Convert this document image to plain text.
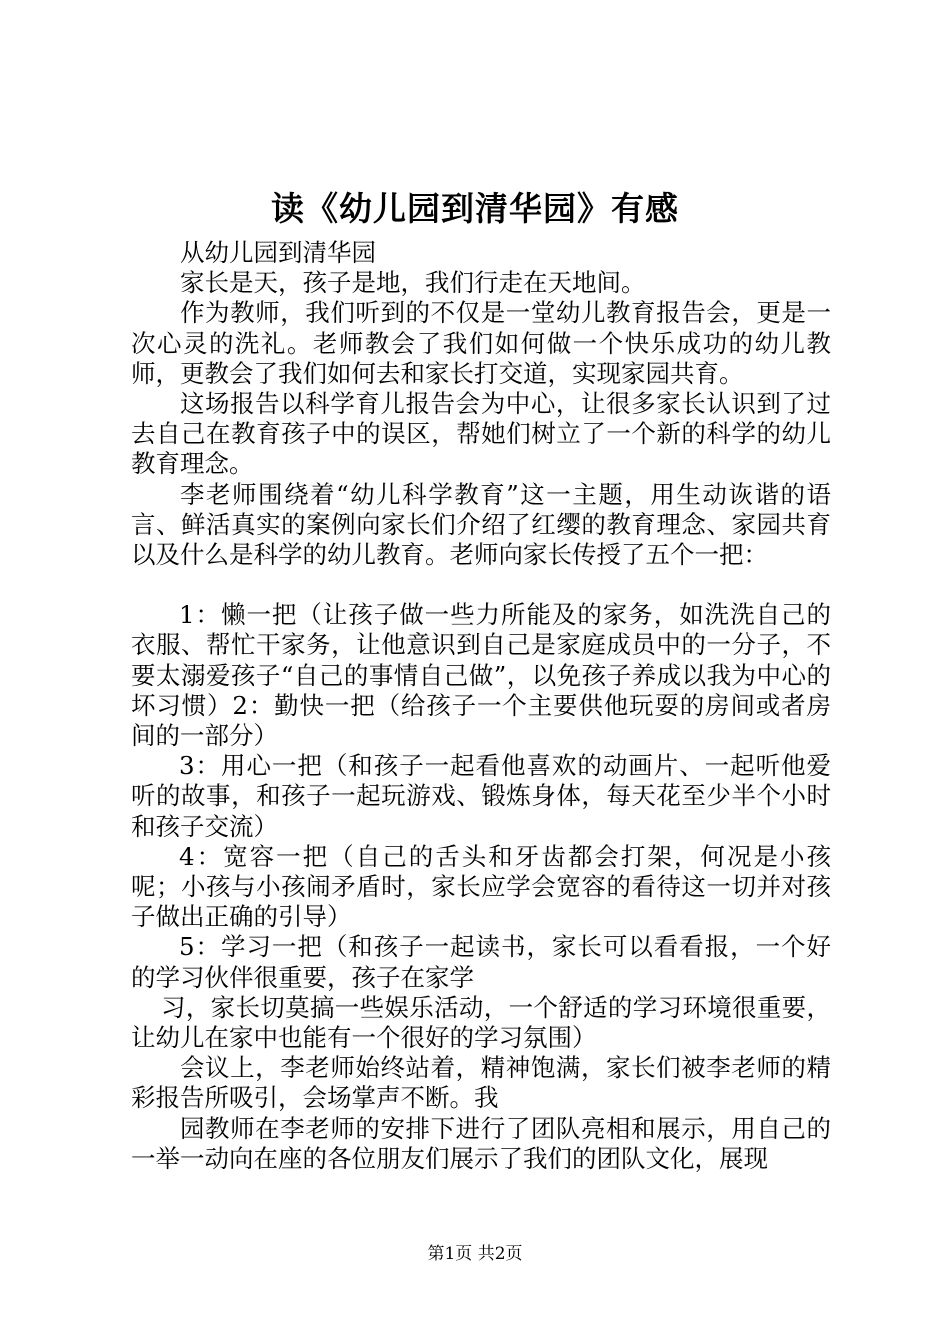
读《幼儿园到清华园》有感

从幼儿园到清华园

家长是天，孩子是地，我们行走在天地间。

作为教师，我们听到的不仅是一堂幼儿教育报告会，更是一次心灵的洗礼。老师教会了我们如何做一个快乐成功的幼儿教师，更教会了我们如何去和家长打交道，实现家园共育。

这场报告以科学育儿报告会为中心，让很多家长认识到了过去自己在教育孩子中的误区，帮她们树立了一个新的科学的幼儿教育理念。

李老师围绕着“幼儿科学教育”这一主题，用生动诙谐的语言、鲜活真实的案例向家长们介绍了红缨的教育理念、家园共育以及什么是科学的幼儿教育。老师向家长传授了五个一把：

1：懒一把（让孩子做一些力所能及的家务，如洗洗自己的衣服、帮忙干家务，让他意识到自己是家庭成员中的一分子，不要太溺爱孩子“自己的事情自己做”，以免孩子养成以我为中心的坏习惯）2：勤快一把（给孩子一个主要供他玩耍的房间或者房间的一部分）

3：用心一把（和孩子一起看他喜欢的动画片、一起听他爱听的故事，和孩子一起玩游戏、锻炼身体，每天花至少半个小时和孩子交流）

4：宽容一把（自己的舌头和牙齿都会打架，何况是小孩呢；小孩与小孩闹矛盾时，家长应学会宽容的看待这一切并对孩子做出正确的引导）

5：学习一把（和孩子一起读书，家长可以看看报，一个好的学习伙伴很重要，孩子在家学

习，家长切莫搞一些娱乐活动，一个舒适的学习环境很重要，让幼儿在家中也能有一个很好的学习氛围）

会议上，李老师始终站着，精神饱满，家长们被李老师的精彩报告所吸引，会场掌声不断。我

园教师在李老师的安排下进行了团队亮相和展示，用自己的一举一动向在座的各位朋友们展示了我们的团队文化，展现

第1页 共2页
